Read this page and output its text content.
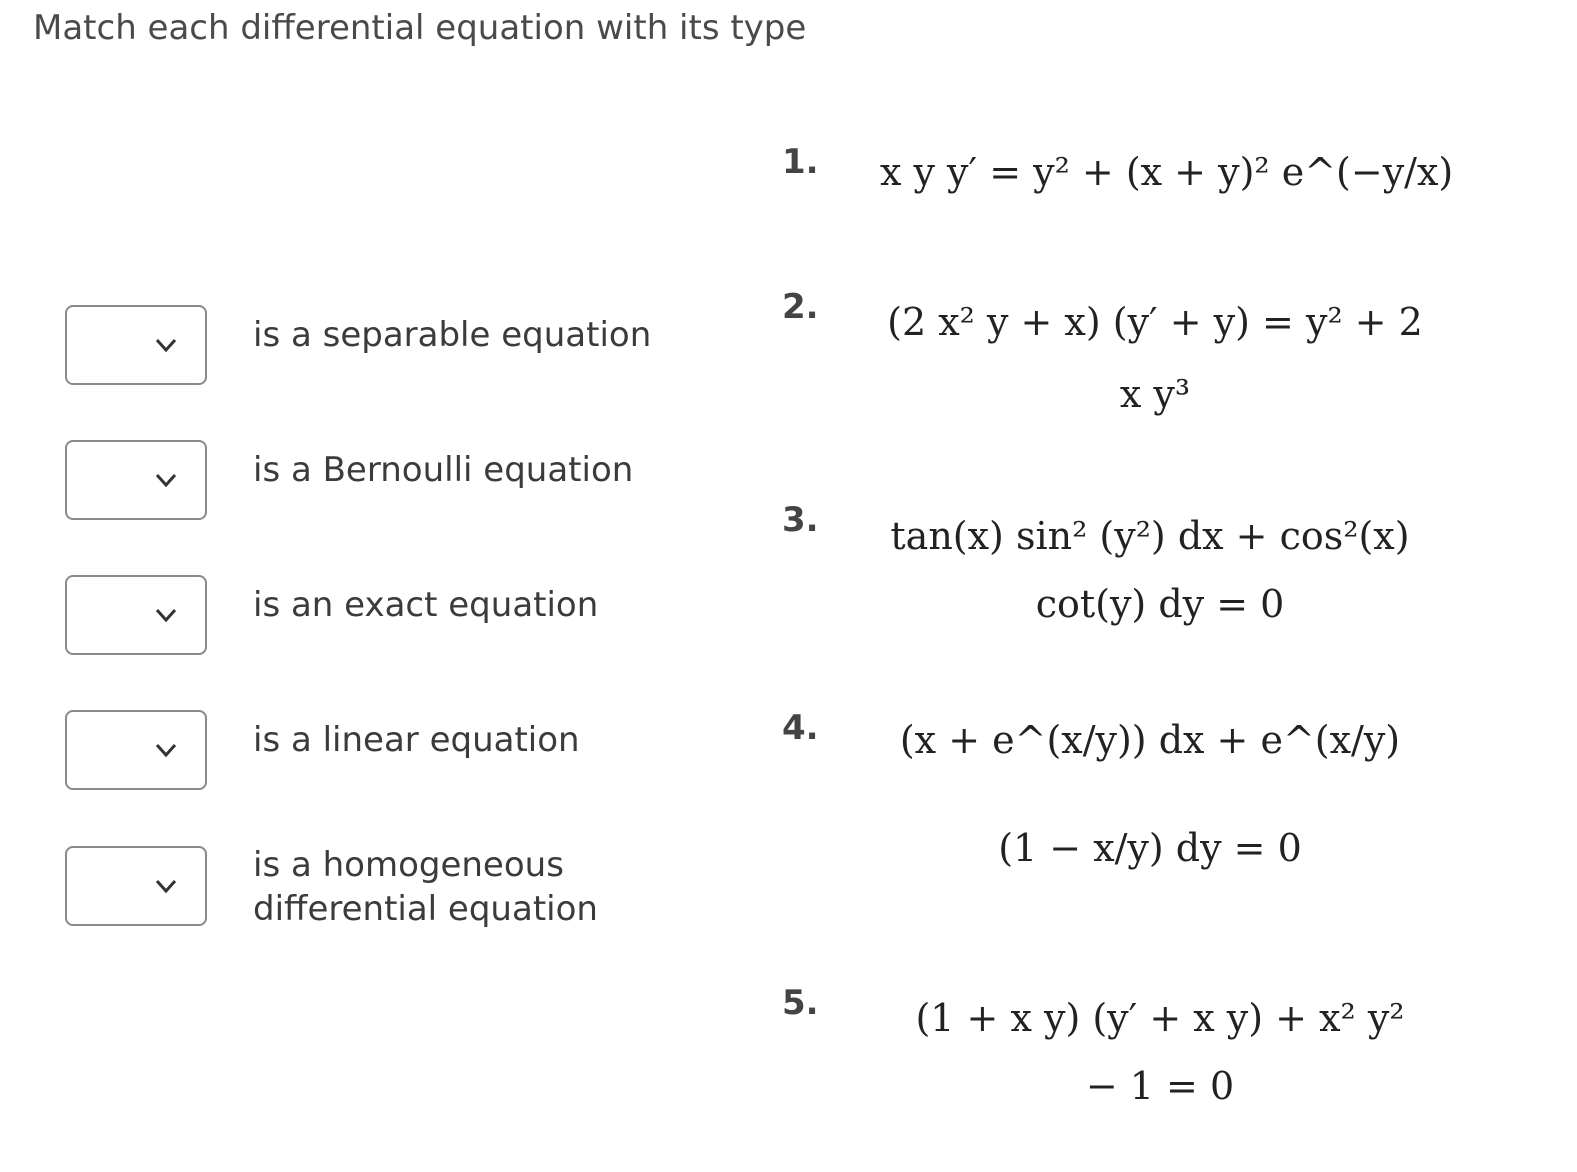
Match each differential equation with its type
is a separable equation
is a Bernoulli equation
is an exact equation
is a linear equation
is a homogeneous differential equation
1. x y y′ = y² + (x + y)² e^(−y/x)
2.	(2 x² y + x) (y′ + y) = y² + 2
x y³
3.	tan(x) sin² (y²) dx + cos²(x)
cot(y) dy = 0
4.	(x + e^(x/y)) dx + e^(x/y)
(1 − x/y) dy = 0
5.	(1 + x y) (y′ + x y) + x² y²
− 1 = 0
